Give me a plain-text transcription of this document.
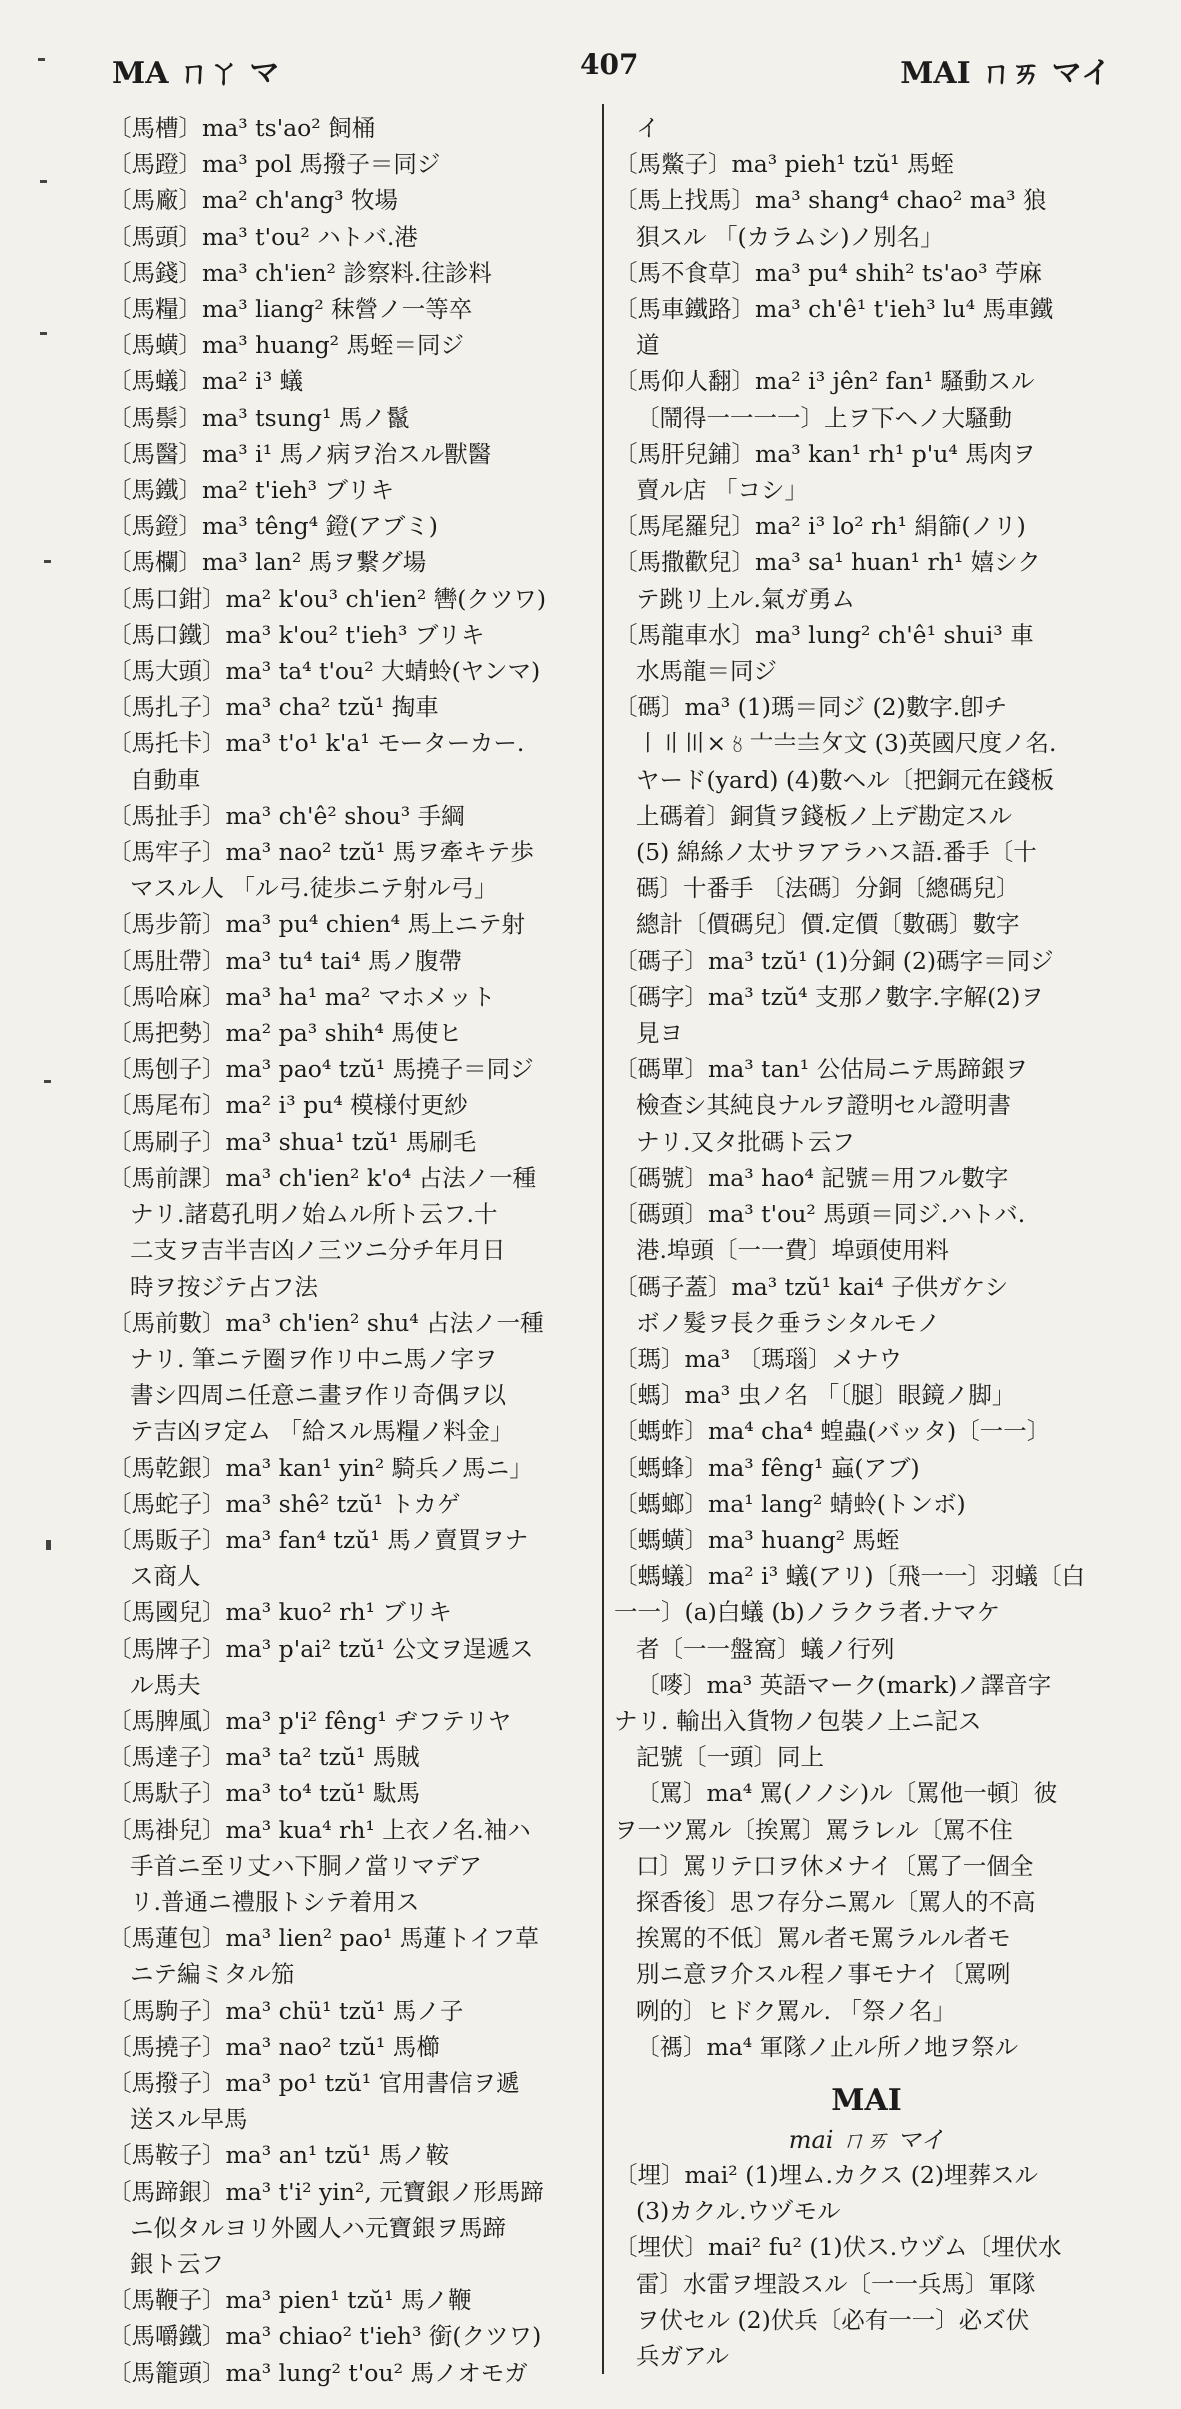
MA ㄇㄚ マ	407	MAI ㄇㄞ マイ
〔馬槽〕ma³ ts'ao² 飼桶
〔馬蹬〕ma³ pol 馬撥子＝同ジ
〔馬廠〕ma² ch'ang³ 牧場
〔馬頭〕ma³ t'ou² ハトバ.港
〔馬錢〕ma³ ch'ien² 診察料.往診料
〔馬糧〕ma³ liang² 秣營ノ一等卒
〔馬蟥〕ma³ huang² 馬蛭＝同ジ
〔馬蟻〕ma² i³ 蟻
〔馬鬃〕ma³ tsung¹ 馬ノ鬣
〔馬醫〕ma³ i¹ 馬ノ病ヲ治スル獸醫
〔馬鐵〕ma² t'ieh³ ブリキ
〔馬鐙〕ma³ têng⁴ 鐙(アブミ)
〔馬欄〕ma³ lan² 馬ヲ繋グ場
〔馬口鉗〕ma² k'ou³ ch'ien² 轡(クツワ)
〔馬口鐵〕ma³ k'ou² t'ieh³ ブリキ
〔馬大頭〕ma³ ta⁴ t'ou² 大蜻蛉(ヤンマ)
〔馬扎子〕ma³ cha² tzŭ¹ 掏車
〔馬托卡〕ma³ t'o¹ k'a¹ モーターカー.
自動車
〔馬扯手〕ma³ ch'ê² shou³ 手綱
〔馬牢子〕ma³ nao² tzŭ¹ 馬ヲ牽キテ歩
マスル人 「ル弓.徒歩ニテ射ル弓」
〔馬步箭〕ma³ pu⁴ chien⁴ 馬上ニテ射
〔馬肚帶〕ma³ tu⁴ tai⁴ 馬ノ腹帶
〔馬哈麻〕ma³ ha¹ ma² マホメット
〔馬把勢〕ma² pa³ shih⁴ 馬使ヒ
〔馬刨子〕ma³ pao⁴ tzŭ¹ 馬撓子＝同ジ
〔馬尾布〕ma² i³ pu⁴ 模様付更紗
〔馬刷子〕ma³ shua¹ tzŭ¹ 馬刷毛
〔馬前課〕ma³ ch'ien² k'o⁴ 占法ノ一種
ナリ.諸葛孔明ノ始ムル所ト云フ.十
二支ヲ吉半吉凶ノ三ツニ分チ年月日
時ヲ按ジテ占フ法
〔馬前數〕ma³ ch'ien² shu⁴ 占法ノ一種
ナリ. 筆ニテ圈ヲ作リ中ニ馬ノ字ヲ
書シ四周ニ任意ニ畫ヲ作リ奇偶ヲ以
テ吉凶ヲ定ム 「給スル馬糧ノ料金」
〔馬乾銀〕ma³ kan¹ yin² 騎兵ノ馬ニ」
〔馬蛇子〕ma³ shê² tzŭ¹ トカゲ
〔馬販子〕ma³ fan⁴ tzŭ¹ 馬ノ賣買ヲナ
ス商人
〔馬國兒〕ma³ kuo² rh¹ ブリキ
〔馬牌子〕ma³ p'ai² tzŭ¹ 公文ヲ逞遞ス
ル馬夫
〔馬脾風〕ma³ p'i² fêng¹ ヂフテリヤ
〔馬達子〕ma³ ta² tzŭ¹ 馬賊
〔馬馱子〕ma³ to⁴ tzŭ¹ 駄馬
〔馬褂兒〕ma³ kua⁴ rh¹ 上衣ノ名.袖ハ
手首ニ至リ丈ハ下胴ノ當リマデア
リ.普通ニ禮服トシテ着用ス
〔馬蓮包〕ma³ lien² pao¹ 馬蓮トイフ草
ニテ編ミタル笳
〔馬駒子〕ma³ chü¹ tzŭ¹ 馬ノ子
〔馬撓子〕ma³ nao² tzŭ¹ 馬櫛
〔馬撥子〕ma³ po¹ tzŭ¹ 官用書信ヲ遞
送スル早馬
〔馬鞍子〕ma³ an¹ tzŭ¹ 馬ノ鞍
〔馬蹄銀〕ma³ t'i² yin², 元寶銀ノ形馬蹄
ニ似タルヨリ外國人ハ元寶銀ヲ馬蹄
銀ト云フ
〔馬鞭子〕ma³ pien¹ tzŭ¹ 馬ノ鞭
〔馬嚼鐵〕ma³ chiao² t'ieh³ 銜(クツワ)
〔馬籠頭〕ma³ lung² t'ou² 馬ノオモガ
イ
〔馬鱉子〕ma³ pieh¹ tzŭ¹ 馬蛭
〔馬上找馬〕ma³ shang⁴ chao² ma³ 狼
狽スル 「(カラムシ)ノ別名」
〔馬不食草〕ma³ pu⁴ shih² ts'ao³ 苧麻
〔馬車鐵路〕ma³ ch'ê¹ t'ieh³ lu⁴ 馬車鐵
道
〔馬仰人翻〕ma² i³ jên² fan¹ 騷動スル
〔鬧得一一一一〕上ヲ下ヘノ大騷動
〔馬肝兒鋪〕ma³ kan¹ rh¹ p'u⁴ 馬肉ヲ
賣ル店 「コシ」
〔馬尾羅兒〕ma² i³ lo² rh¹ 絹篩(ノリ)
〔馬撒歡兒〕ma³ sa¹ huan¹ rh¹ 嬉シク
テ跳リ上ル.氣ガ勇ム
〔馬龍車水〕ma³ lung² ch'ê¹ shui³ 車
水馬龍＝同ジ
〔碼〕ma³ (1)瑪＝同ジ (2)數字.卽チ
〡〢〣×〥〦〧〨〩文 (3)英國尺度ノ名.
ヤード(yard) (4)數ヘル〔把銅元在錢板
上碼着〕銅貨ヲ錢板ノ上デ勘定スル
(5) 綿絲ノ太サヲアラハス語.番手〔十
碼〕十番手 〔法碼〕分銅〔總碼兒〕
總計〔價碼兒〕價.定價〔數碼〕數字
〔碼子〕ma³ tzŭ¹ (1)分銅 (2)碼字＝同ジ
〔碼字〕ma³ tzŭ⁴ 支那ノ數字.字解(2)ヲ
見ヨ
〔碼單〕ma³ tan¹ 公估局ニテ馬蹄銀ヲ
檢查シ其純良ナルヲ證明セル證明書
ナリ.又タ批碼ト云フ
〔碼號〕ma³ hao⁴ 記號＝用フル數字
〔碼頭〕ma³ t'ou² 馬頭＝同ジ.ハトバ.
港.埠頭〔一一費〕埠頭使用料
〔碼子蓋〕ma³ tzŭ¹ kai⁴ 子供ガケシ
ボノ髮ヲ長ク垂ラシタルモノ
〔瑪〕ma³ 〔瑪瑙〕メナウ
〔螞〕ma³ 虫ノ名 「〔腿〕眼鏡ノ脚」
〔螞蚱〕ma⁴ cha⁴ 蝗蟲(バッタ)〔一一〕
〔螞蜂〕ma³ fêng¹ 蝱(アブ)
〔螞螂〕ma¹ lang² 蜻蛉(トンボ)
〔螞蟥〕ma³ huang² 馬蛭
〔螞蟻〕ma² i³ 蟻(アリ)〔飛一一〕羽蟻〔白
一一〕(a)白蟻 (b)ノラクラ者.ナマケ
者〔一一盤窩〕蟻ノ行列
〔嘜〕ma³ 英語マーク(mark)ノ譯音字
ナリ. 輸出入貨物ノ包裝ノ上ニ記ス
記號〔一頭〕同上
〔罵〕ma⁴ 罵(ノノシ)ル〔罵他一頓〕彼
ヲ一ツ罵ル〔挨罵〕罵ラレル〔罵不住
口〕罵リテ口ヲ休メナイ〔罵了一個全
探香後〕思フ存分ニ罵ル〔罵人的不高
挨罵的不低〕罵ル者モ罵ラルル者モ
別ニ意ヲ介スル程ノ事モナイ〔罵咧
咧的〕ヒドク罵ル. 「祭ノ名」
〔禡〕ma⁴ 軍隊ノ止ル所ノ地ヲ祭ル
MAI
mai ㄇㄞ マイ
〔埋〕mai² (1)埋ム.カクス (2)埋葬スル
(3)カクル.ウヅモル
〔埋伏〕mai² fu² (1)伏ス.ウヅム〔埋伏水
雷〕水雷ヲ埋設スル〔一一兵馬〕軍隊
ヲ伏セル (2)伏兵〔必有一一〕必ズ伏
兵ガアル
